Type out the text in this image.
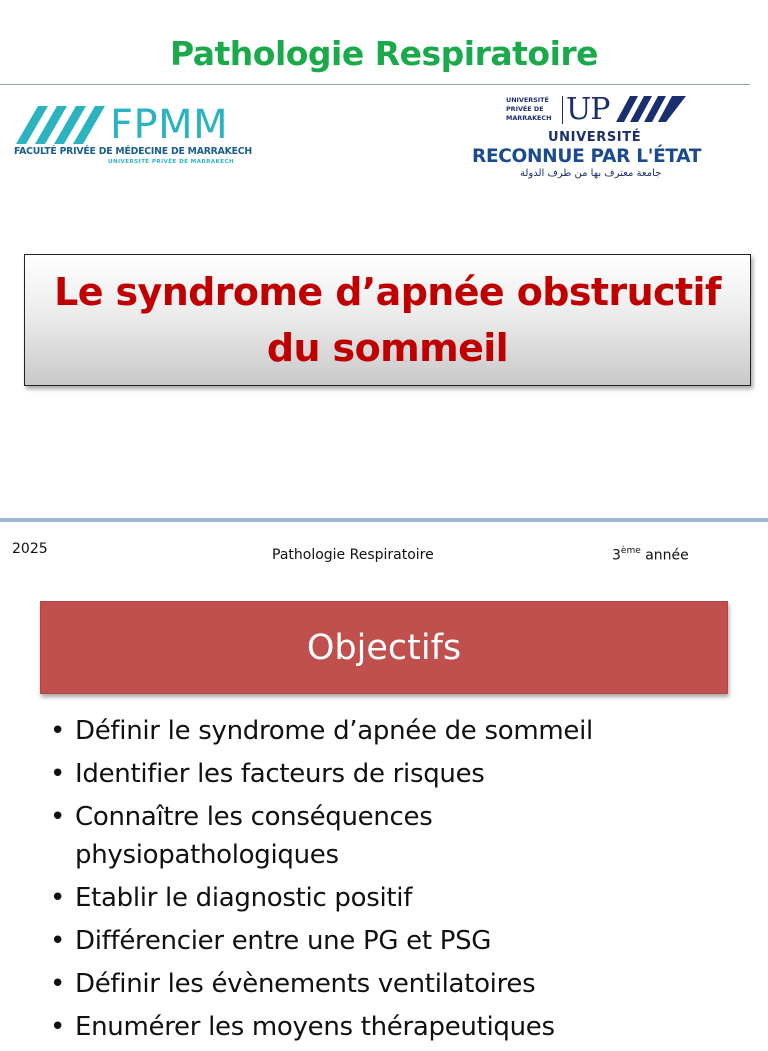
Pathologie Respiratoire
FPMM
FACULTÉ PRIVÉE DE MÉDECINE DE MARRAKECH
UNIVERSITÉ PRIVÉE DE MARRAKECH
UNIVERSITÉ
PRIVÉE DE
MARRAKECH UP
UNIVERSITÉ
RECONNUE PAR L'ÉTAT
جامعة معترف بها من طرف الدولة
Le syndrome d’apnée obstructif
du sommeil
2025	Pathologie Respiratoire	3ème année
Objectifs
• Définir le syndrome d’apnée de sommeil
• Identifier les facteurs de risques
• Connaître les conséquences physiopathologiques
• Etablir le diagnostic positif
• Différencier entre une PG et PSG
• Définir les évènements ventilatoires
• Enumérer les moyens thérapeutiques
